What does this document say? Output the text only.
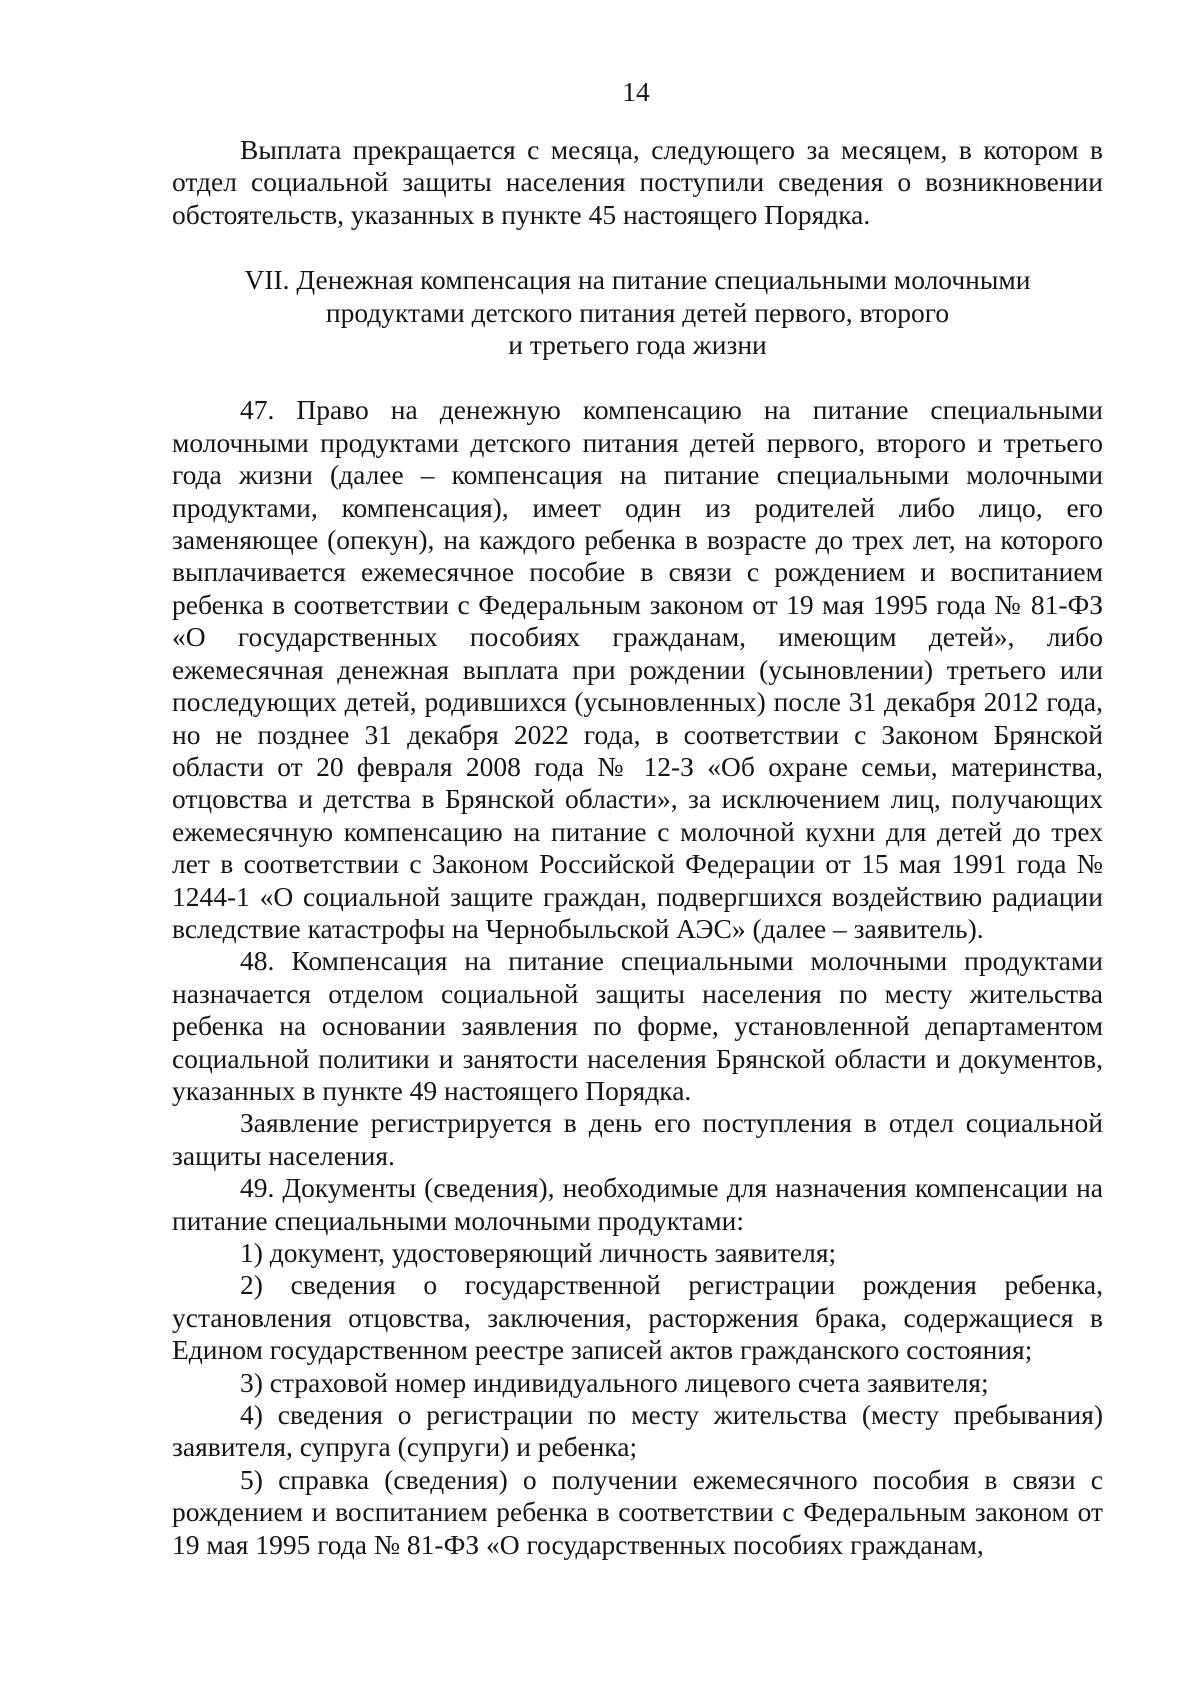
14

Выплата прекращается с месяца, следующего за месяцем, в котором в отдел социальной защиты населения поступили сведения о возникновении обстоятельств, указанных в пункте 45 настоящего Порядка.

VII. Денежная компенсация на питание специальными молочными
продуктами детского питания детей первого, второго
и третьего года жизни

47. Право на денежную компенсацию на питание специальными молочными продуктами детского питания детей первого, второго и третьего года жизни (далее – компенсация на питание специальными молочными продуктами, компенсация), имеет один из родителей либо лицо, его заменяющее (опекун), на каждого ребенка в возрасте до трех лет, на которого выплачивается ежемесячное пособие в связи с рождением и воспитанием ребенка в соответствии с Федеральным законом от 19 мая 1995 года № 81-ФЗ «О государственных пособиях гражданам, имеющим детей», либо ежемесячная денежная выплата при рождении (усыновлении) третьего или последующих детей, родившихся (усыновленных) после 31 декабря 2012 года, но не позднее 31 декабря 2022 года, в соответствии с Законом Брянской области от 20 февраля 2008 года № 12-З «Об охране семьи, материнства, отцовства и детства в Брянской области», за исключением лиц, получающих ежемесячную компенсацию на питание с молочной кухни для детей до трех лет в соответствии с Законом Российской Федерации от 15 мая 1991 года № 1244-1 «О социальной защите граждан, подвергшихся воздействию радиации вследствие катастрофы на Чернобыльской АЭС» (далее – заявитель).

48. Компенсация на питание специальными молочными продуктами назначается отделом социальной защиты населения по месту жительства ребенка на основании заявления по форме, установленной департаментом социальной политики и занятости населения Брянской области и документов, указанных в пункте 49 настоящего Порядка.

Заявление регистрируется в день его поступления в отдел социальной защиты населения.

49. Документы (сведения), необходимые для назначения компенсации на питание специальными молочными продуктами:

1) документ, удостоверяющий личность заявителя;

2) сведения о государственной регистрации рождения ребенка, установления отцовства, заключения, расторжения брака, содержащиеся в Едином государственном реестре записей актов гражданского состояния;

3) страховой номер индивидуального лицевого счета заявителя;

4) сведения о регистрации по месту жительства (месту пребывания) заявителя, супруга (супруги) и ребенка;

5) справка (сведения) о получении ежемесячного пособия в связи с рождением и воспитанием ребенка в соответствии с Федеральным законом от 19 мая 1995 года № 81-ФЗ «О государственных пособиях гражданам,
